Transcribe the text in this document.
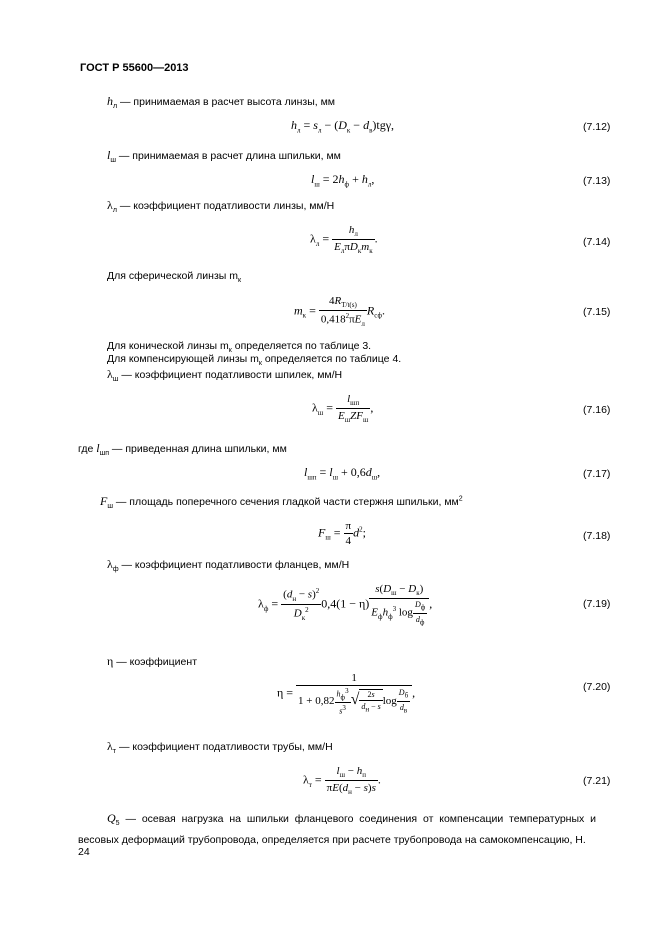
ГОСТ Р 55600—2013
$h_л$ — принимаемая в расчет высота линзы, мм
$h_л = s_л - (D_к - d_в)tg\gamma$,	(7.12)
$l_ш$ — принимаемая в расчет длина шпильки, мм
$l_ш = 2h_ф + h_л$,	(7.13)
$\lambda_л$ — коэффициент податливости линзы, мм/Н
$\lambda_л = \frac{h_л}{E_л\pi D_кm_к}$ .	(7.14)
Для сферической линзы $m_к$
$m_к = \frac{4R_{T/t(s)}}{0,418^2\pi E_л} R_{сф}$.	(7.15)
Для конической линзы $m_к$ определяется по таблице 3.
Для компенсирующей линзы $m_к$ определяется по таблице 4.
$\lambda_ш$ — коэффициент податливости шпилек, мм/Н
$\lambda_ш = \frac{l_{шп}}{E_шZF_ш}$ ,	(7.16)
где $l_{шп}$ — приведенная длина шпильки, мм
$l_{шп} = l_ш + 0,6d_ш$,	(7.17)
$F_ш$ — площадь поперечного сечения гладкой части стержня шпильки, $мм^2$
$F_ш = \frac{\pi}{4} d^2$;	(7.18)
$\lambda_ф$ — коэффициент податливости фланцев, мм/Н
$\lambda_ф = \frac{(d_н - s)^2}{D_к^2} 0,4(1 - \eta) \frac{s(D_ш - D_к)}{E_фh_ф^3 \log \frac{D_ф}{d_ф}}$ ,	(7.19)
η — коэффициент
$\eta = \frac{1}{1 + 0,82 \frac{h_ф^3}{s^3} √ \frac{2s}{d_н - s} \log \frac{D_б}{d_в}}$ ,	(7.20)
$\lambda_т$ — коэффициент податливости трубы, мм/Н
$\lambda_т = \frac{l_ш - h_п}{\pi E(d_н - s)s}$ .	(7.21)
$Q_5$ — осевая нагрузка на шпильки фланцевого соединения от компенсации температурных и весовых деформаций трубопровода, определяется при расчете трубопровода на самокомпенсацию, Н.
24
